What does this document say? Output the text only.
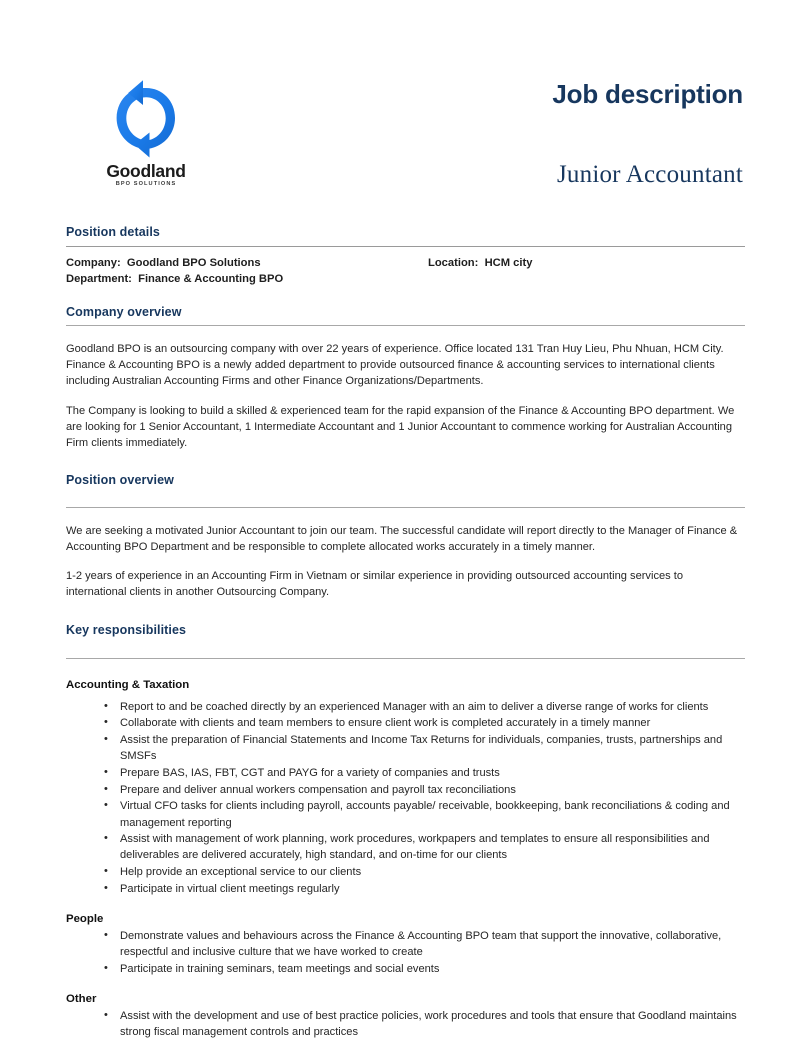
Goodland
BPO SOLUTIONS
Job description
Junior Accountant
Position details
Company: Goodland BPO Solutions	Location: HCM city
Department: Finance & Accounting BPO
Company overview

Goodland BPO is an outsourcing company with over 22 years of experience. Office located 131 Tran Huy Lieu, Phu Nhuan, HCM City. Finance & Accounting BPO is a newly added department to provide outsourced finance & accounting services to international clients including Australian Accounting Firms and other Finance Organizations/Departments.

The Company is looking to build a skilled & experienced team for the rapid expansion of the Finance & Accounting BPO department. We are looking for 1 Senior Accountant, 1 Intermediate Accountant and 1 Junior Accountant to commence working for Australian Accounting Firm clients immediately.

Position overview

We are seeking a motivated Junior Accountant to join our team. The successful candidate will report directly to the Manager of Finance & Accounting BPO Department and be responsible to complete allocated works accurately in a timely manner.

1-2 years of experience in an Accounting Firm in Vietnam or similar experience in providing outsourced accounting services to international clients in another Outsourcing Company.

Key responsibilities
Accounting & Taxation
• Report to and be coached directly by an experienced Manager with an aim to deliver a diverse range of works for clients
• Collaborate with clients and team members to ensure client work is completed accurately in a timely manner
• Assist the preparation of Financial Statements and Income Tax Returns for individuals, companies, trusts, partnerships and SMSFs
• Prepare BAS, IAS, FBT, CGT and PAYG for a variety of companies and trusts
• Prepare and deliver annual workers compensation and payroll tax reconciliations
• Virtual CFO tasks for clients including payroll, accounts payable/ receivable, bookkeeping, bank reconciliations & coding and management reporting
• Assist with management of work planning, work procedures, workpapers and templates to ensure all responsibilities and deliverables are delivered accurately, high standard, and on-time for our clients
• Help provide an exceptional service to our clients
• Participate in virtual client meetings regularly
People
• Demonstrate values and behaviours across the Finance & Accounting BPO team that support the innovative, collaborative, respectful and inclusive culture that we have worked to create
• Participate in training seminars, team meetings and social events
Other
• Assist with the development and use of best practice policies, work procedures and tools that ensure that Goodland maintains strong fiscal management controls and practices
